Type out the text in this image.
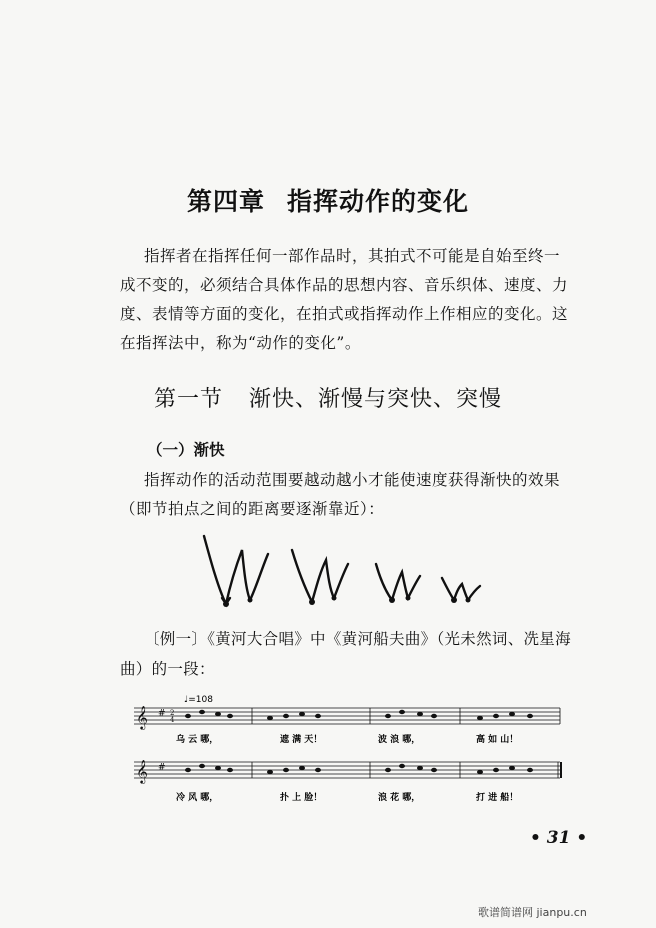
第四章 指挥动作的变化

指挥者在指挥任何一部作品时，其拍式不可能是自始至终一

成不变的，必须结合具体作品的思想内容、音乐织体、速度、力

度、表情等方面的变化，在拍式或指挥动作上作相应的变化。这

在指挥法中，称为“动作的变化”。

第一节 渐快、渐慢与突快、突慢
（一）渐快

指挥动作的活动范围要越动越小才能使速度获得渐快的效果

（即节拍点之间的距离要逐渐靠近）：

〔例一〕《黄河大合唱》中《黄河船夫曲》（光未然词、冼星海
曲）的一段：
♩=108
𝄞 # 2
4
乌 云 哪，	遮 满 天！	波 浪 哪，	高 如 山！
𝄞 #
冷 风 哪，	扑 上 脸！	浪 花 哪，	打 进 船！
• 31 •
歌谱简谱网 jianpu.cn
